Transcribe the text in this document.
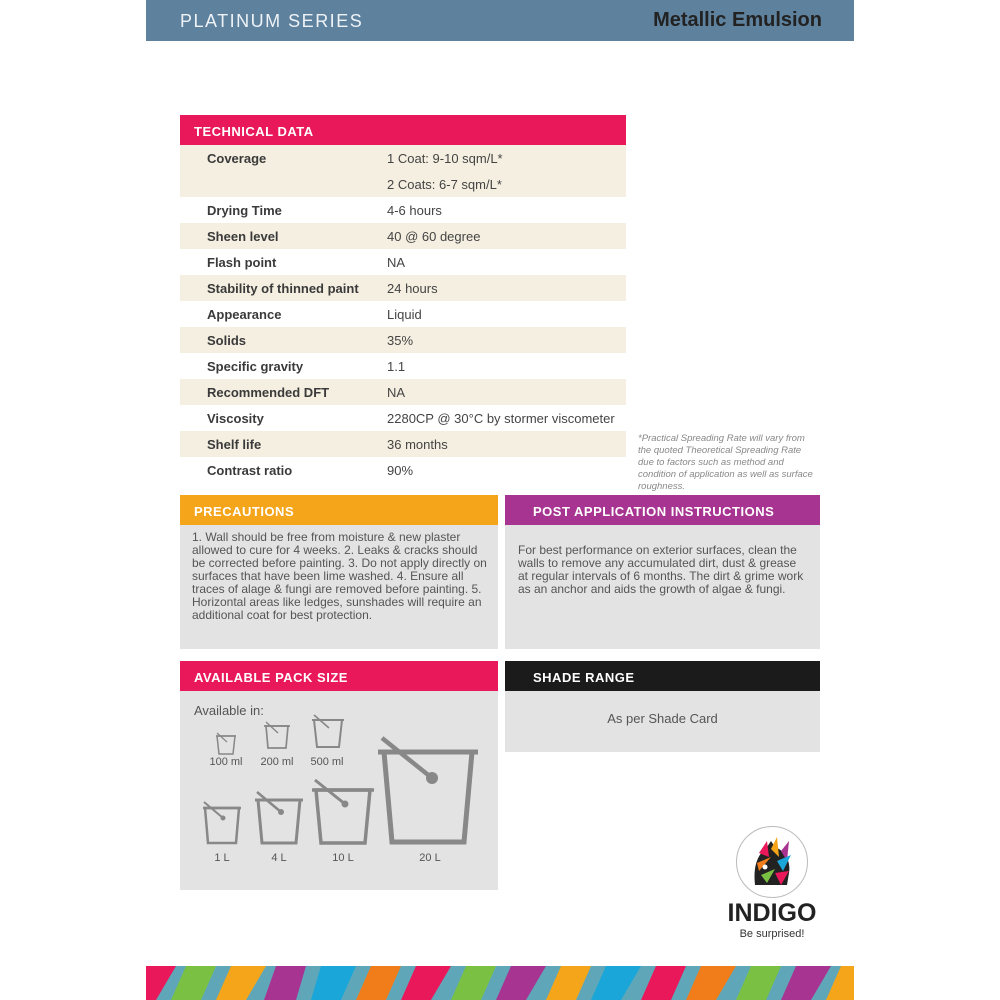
PLATINUM SERIES	Metallic Emulsion
TECHNICAL DATA
Coverage	1 Coat: 9-10 sqm/L*
2 Coats: 6-7 sqm/L*
Drying Time	4-6 hours
Sheen level	40 @ 60 degree
Flash point	NA
Stability of thinned paint 24 hours
Appearance	Liquid
Solids	35%
Specific gravity	1.1
Recommended DFT	NA
Viscosity	2280CP @ 30°C by stormer viscometer
Shelf life	36 months
Contrast ratio	90%
*Practical Spreading Rate will vary from the quoted Theoretical Spreading Rate due to factors such as method and condition of application as well as surface roughness.
PRECAUTIONS
1. Wall should be free from moisture & new plaster allowed to cure for 4 weeks. 2. Leaks & cracks should be corrected before painting. 3. Do not apply directly on surfaces that have been lime washed. 4. Ensure all traces of alage & fungi are removed before painting. 5. Horizontal areas like ledges, sunshades will require an additional coat for best protection.
POST APPLICATION INSTRUCTIONS
For best performance on exterior surfaces, clean the walls to remove any accumulated dirt, dust & grease at regular intervals of 6 months. The dirt & grime work as an anchor and aids the growth of algae & fungi.
AVAILABLE PACK SIZE
Available in:
100 ml	200 ml	500 ml
1 L	4 L	10 L	20 L
SHADE RANGE
As per Shade Card
INDIGO
Be surprised!
